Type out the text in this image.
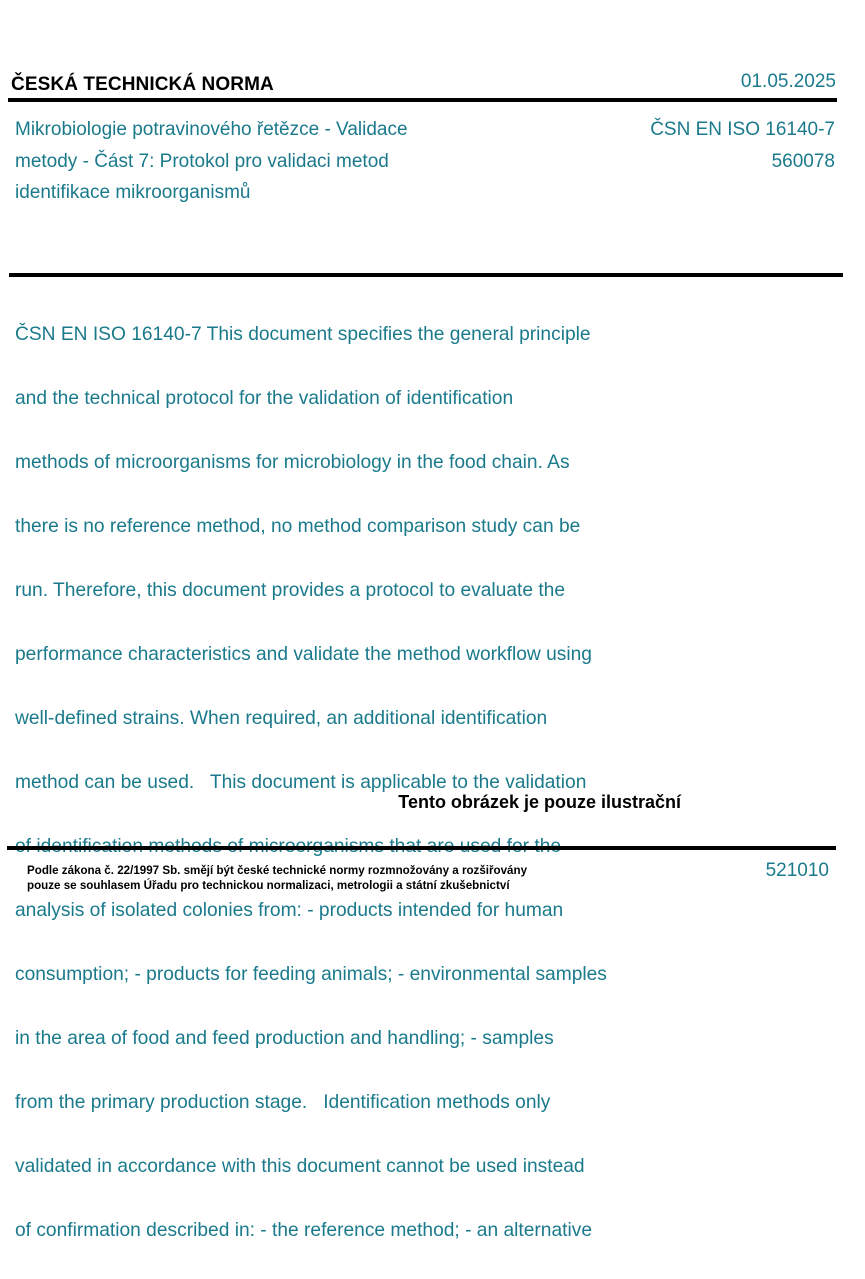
ČESKÁ TECHNICKÁ NORMA	01.05.2025
Mikrobiologie potravinového řetězce - Validace
metody - Část 7: Protokol pro validaci metod
identifikace mikroorganismů
ČSN EN ISO 16140-7
560078

ČSN EN ISO 16140-7 This document specifies the general principle

and the technical protocol for the validation of identification

methods of microorganisms for microbiology in the food chain. As

there is no reference method, no method comparison study can be

run. Therefore, this document provides a protocol to evaluate the

performance characteristics and validate the method workflow using

well-defined strains. When required, an additional identification

method can be used.   This document is applicable to the validation

analysis of isolated colonies from: - products intended for human

consumption; - products for feeding animals; - environmental samples

in the area of food and feed production and handling; - samples

from the primary production stage.   Identification methods only

validated in accordance with this document cannot be used instead

of confirmation described in: - the reference method; - an alternative

Tento obrázek je pouze ilustrační
Podle zákona č. 22/1997 Sb. smějí být české technické normy rozmnožovány a rozšiřovány
pouze se souhlasem Úřadu pro technickou normalizaci, metrologii a státní zkušebnictví
521010
